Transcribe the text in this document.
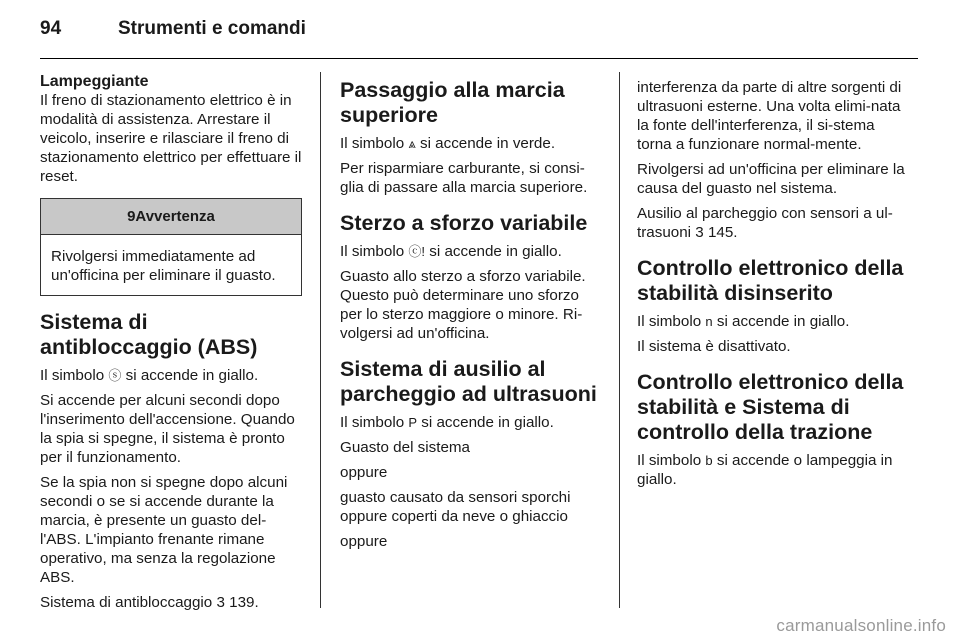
94	Strumenti e comandi
Lampeggiante

Il freno di stazionamento elettrico è in modalità di assistenza. Arrestare il veicolo, inserire e rilasciare il freno di stazionamento elettrico per effettuare il reset.

9Avvertenza
Rivolgersi immediatamente ad un'officina per eliminare il guasto.
Sistema di antibloccaggio (ABS)

Il simbolo ⓢ si accende in giallo.

Si accende per alcuni secondi dopo l'inserimento dell'accensione. Quando la spia si spegne, il sistema è pronto per il funzionamento.

Se la spia non si spegne dopo alcuni secondi o se si accende durante la marcia, è presente un guasto del-l'ABS. L'impianto frenante rimane operativo, ma senza la regolazione ABS.

Sistema di antibloccaggio 3 139.

Passaggio alla marcia superiore

Il simbolo ⩓ si accende in verde.

Per risparmiare carburante, si consi-glia di passare alla marcia superiore.

Sterzo a sforzo variabile

Il simbolo ⓒ! si accende in giallo.

Guasto allo sterzo a sforzo variabile. Questo può determinare uno sforzo per lo sterzo maggiore o minore. Ri-volgersi ad un'officina.

Sistema di ausilio al parcheggio ad ultrasuoni

Il simbolo P si accende in giallo.

Guasto del sistema

oppure

guasto causato da sensori sporchi oppure coperti da neve o ghiaccio

oppure

interferenza da parte di altre sorgenti di ultrasuoni esterne. Una volta elimi-nata la fonte dell'interferenza, il si-stema torna a funzionare normal-mente.

Rivolgersi ad un'officina per eliminare la causa del guasto nel sistema.

Ausilio al parcheggio con sensori a ul-trasuoni 3 145.

Controllo elettronico della stabilità disinserito

Il simbolo n si accende in giallo.

Il sistema è disattivato.

Controllo elettronico della stabilità e Sistema di controllo della trazione

Il simbolo b si accende o lampeggia in giallo.

carmanualsonline.info
